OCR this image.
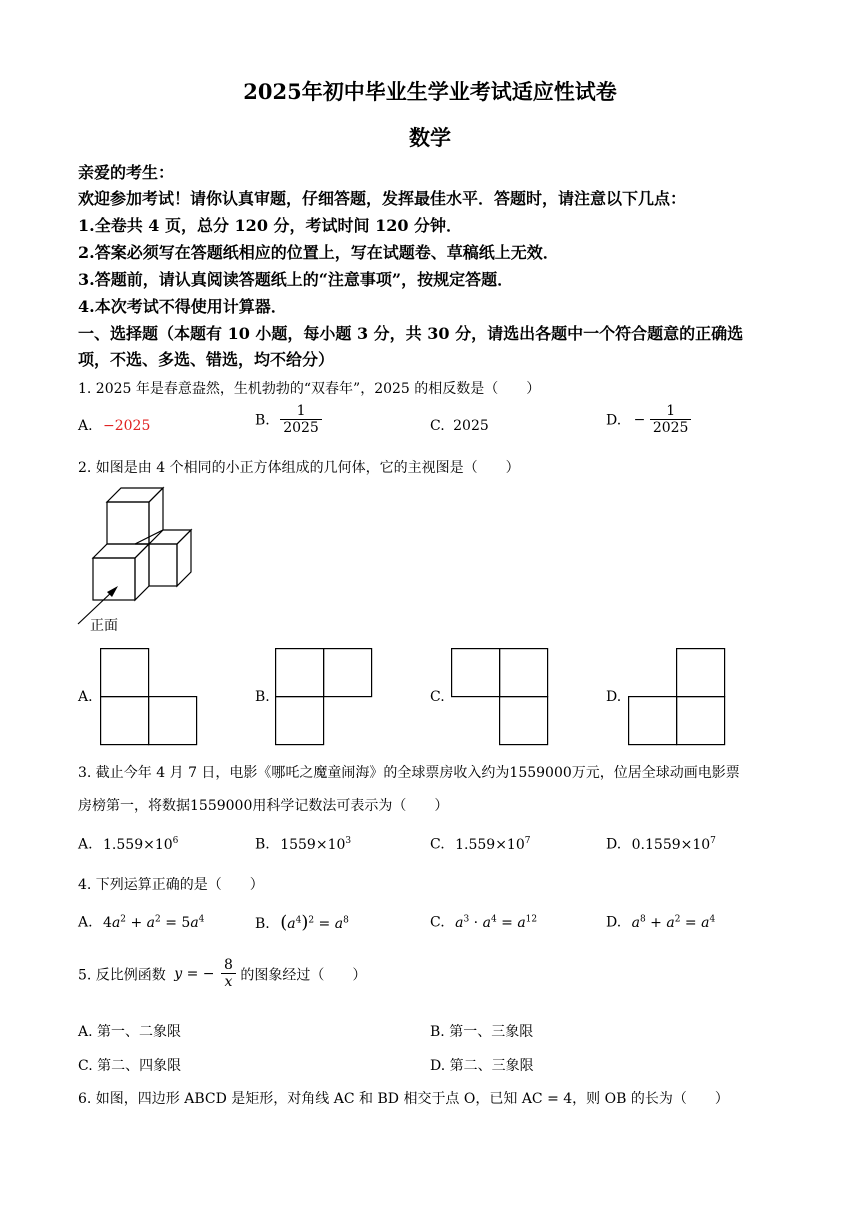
2025年初中毕业生学业考试适应性试卷
数学
亲爱的考生：
欢迎参加考试！请你认真审题，仔细答题，发挥最佳水平．答题时，请注意以下几点：
1.全卷共 4 页，总分 120 分，考试时间 120 分钟．
2.答案必须写在答题纸相应的位置上，写在试题卷、草稿纸上无效．
3.答题前，请认真阅读答题纸上的“注意事项”，按规定答题．
4.本次考试不得使用计算器．
一、选择题（本题有 10 小题，每小题 3 分，共 30 分，请选出各题中一个符合题意的正确选
项，不选、多选、错选，均不给分）
1. 2025 年是春意盎然，生机勃勃的“双春年”，2025 的相反数是（　　）
A. −2025	B. $\frac{1}{2025}$	C. 2025	D. − $\frac{1}{2025}$
2. 如图是由 4 个相同的小正方体组成的几何体，它的主视图是（　　）
正面
A.	B.	C.	D.
3. 截止今年 4 月 7 日，电影《哪吒之魔童闹海》的全球票房收入约为1559000万元，位居全球动画电影票
房榜第一，将数据1559000用科学记数法可表示为（　　）
A. $1.559\times 10^6$	B. $1559\times 10^3$	C. $1.559\times 10^7$	D. $0.1559\times 10^7$
4. 下列运算正确的是（　　）
A. $4a^2 + a^2 = 5a^4$	B. $(a^4)^2 = a^8$	C. $a^3 \cdot a^4 = a^{12}$	D. $a^8 + a^2 = a^4$
5. 反比例函数 y = − $\frac{8}{x}$ 的图象经过（　　）
A. 第一、二象限	B. 第一、三象限
C. 第二、四象限	D. 第二、三象限
6. 如图，四边形 ABCD 是矩形，对角线 AC 和 BD 相交于点 O，已知 AC = 4，则 OB 的长为（　　）
